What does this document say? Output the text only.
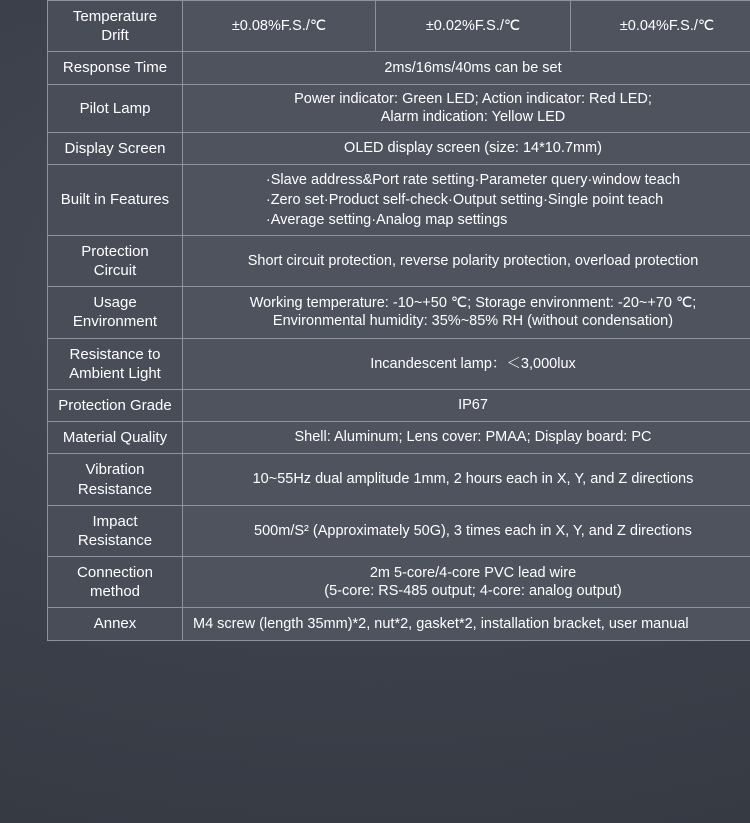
Temperature
Drift	±0.08%F.S./℃	±0.02%F.S./℃	±0.04%F.S./℃
Response Time	2ms/16ms/40ms can be set		
Pilot Lamp	Power indicator: Green LED; Action indicator: Red LED;
Alarm indication: Yellow LED		
Display Screen	OLED display screen (size: 14*10.7mm)		
Built in Features	·Slave address&Port rate setting·Parameter query·window teach
·Zero set·Product self-check·Output setting·Single point teach
·Average setting·Analog map settings		
Protection
Circuit	Short circuit protection, reverse polarity protection, overload protection		
Usage
Environment	Working temperature: -10~+50 ℃; Storage environment: -20~+70 ℃;
Environmental humidity: 35%~85% RH (without condensation)		
Resistance to
Ambient Light	Incandescent lamp：＜3,000lux		
Protection Grade	IP67		
Material Quality	Shell: Aluminum; Lens cover: PMAA; Display board: PC		
Vibration
Resistance	10~55Hz dual amplitude 1mm, 2 hours each in X, Y, and Z directions		
Impact
Resistance	500m/S² (Approximately 50G), 3 times each in X, Y, and Z directions		
Connection
method	2m 5-core/4-core PVC lead wire
(5-core: RS-485 output; 4-core: analog output)		
Annex	M4 screw (length 35mm)*2, nut*2, gasket*2, installation bracket, user manual		
